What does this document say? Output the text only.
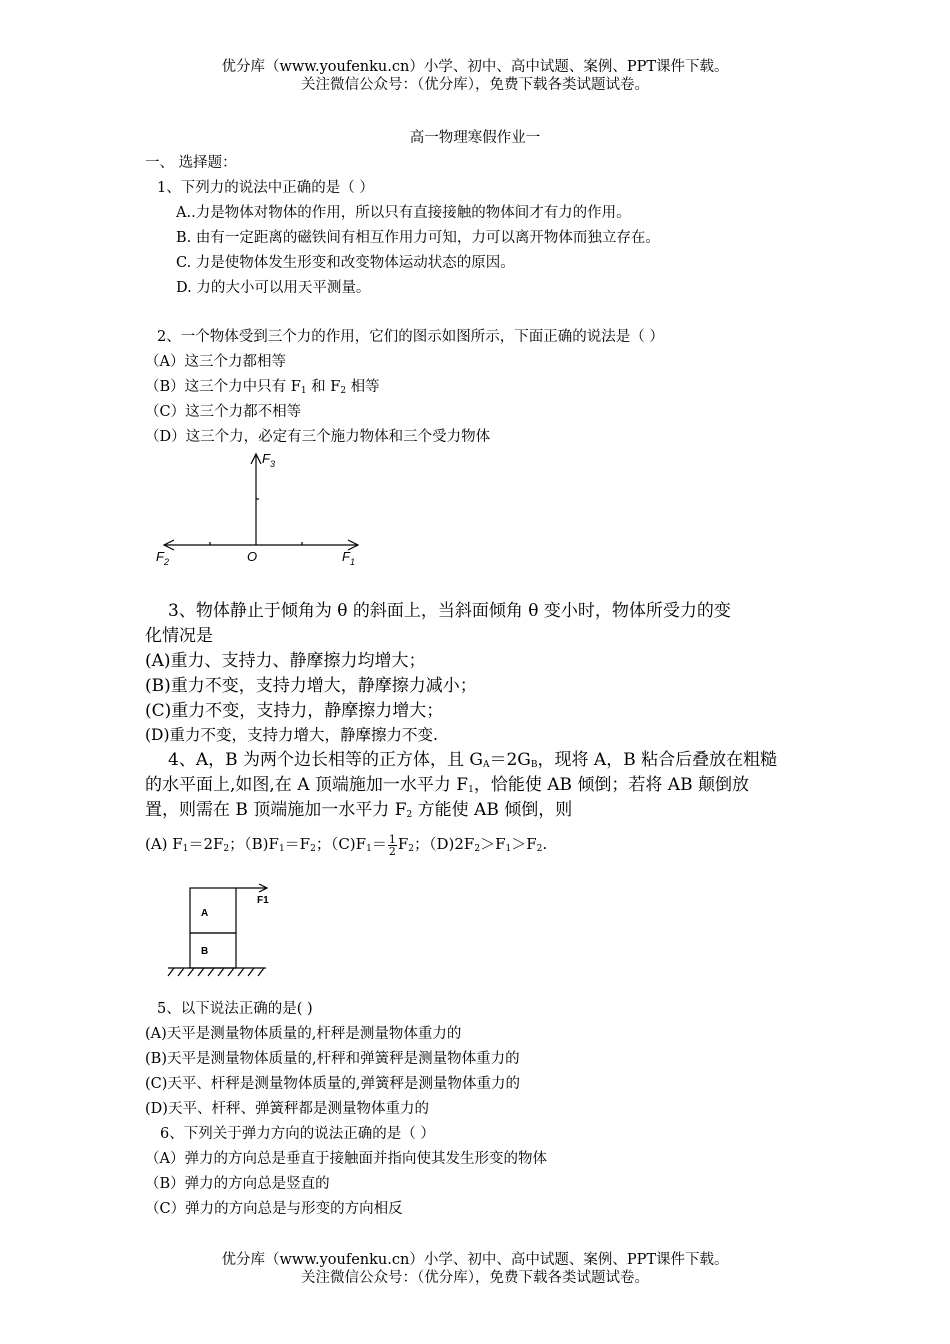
优分库（www.youfenku.cn）小学、初中、高中试题、案例、PPT课件下载。
关注微信公众号：（优分库），免费下载各类试题试卷。
高一物理寒假作业一
一、 选择题：
1、下列力的说法中正确的是（ ）
A..力是物体对物体的作用，所以只有直接接触的物体间才有力的作用。
B. 由有一定距离的磁铁间有相互作用力可知，力可以离开物体而独立存在。
C. 力是使物体发生形变和改变物体运动状态的原因。
D. 力的大小可以用天平测量。
2、一个物体受到三个力的作用，它们的图示如图所示，下面正确的说法是（ ）
（A）这三个力都相等
（B）这三个力中只有 $F_1$ 和 $F_2$ 相等
（C）这三个力都不相等
（D）这三个力，必定有三个施力物体和三个受力物体
$F_3$
$F_2$	O	$F_1$
3、物体静止于倾角为 θ 的斜面上，当斜面倾角 θ 变小时，物体所受力的变
化情况是
(A)重力、支持力、静摩擦力均增大；
(B)重力不变，支持力增大，静摩擦力减小；
(C)重力不变，支持力，静摩擦力增大；
(D)重力不变，支持力增大，静摩擦力不变.
4、A，B 为两个边长相等的正方体，且 $G_A=2G_B$，现将 A，B 粘合后叠放在粗糙
的水平面上,如图,在 A 顶端施加一水平力 $F_1$，恰能使 AB 倾倒；若将 AB 颠倒放
置，则需在 B 顶端施加一水平力 $F_2$ 方能使 AB 倾倒，则
(A) $F_1=2F_2$；$(B)F_1=F_2$；$(C)F_1= \frac{1}{2} F_2$；$(D)2F_2>F_1>F_2$.
A
B
F1
5、以下说法正确的是( )
(A)天平是测量物体质量的,杆秤是测量物体重力的
(B)天平是测量物体质量的,杆秤和弹簧秤是测量物体重力的
(C)天平、杆秤是测量物体质量的,弹簧秤是测量物体重力的
(D)天平、杆秤、弹簧秤都是测量物体重力的
6、下列关于弹力方向的说法正确的是（ ）
（A）弹力的方向总是垂直于接触面并指向使其发生形变的物体
（B）弹力的方向总是竖直的
（C）弹力的方向总是与形变的方向相反
优分库（www.youfenku.cn）小学、初中、高中试题、案例、PPT课件下载。
关注微信公众号：（优分库），免费下载各类试题试卷。
